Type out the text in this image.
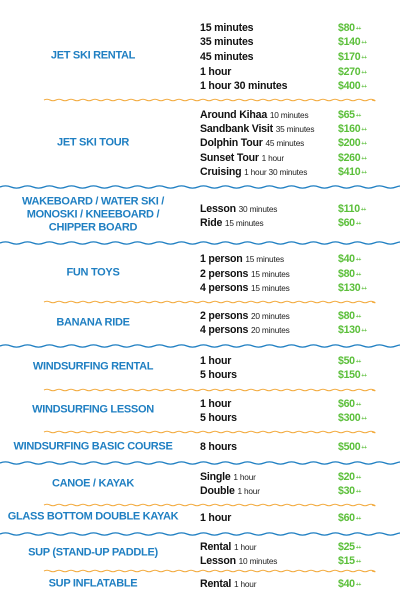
JET SKI RENTAL
15 minutes	$80++
35 minutes	$140++
45 minutes	$170++
1 hour	$270++
1 hour 30 minutes	$400++
JET SKI TOUR
Around Kihaa 10 minutes	$65++
Sandbank Visit 35 minutes $160++
Dolphin Tour 45 minutes	$200++
Sunset Tour 1 hour	$260++
Cruising 1 hour 30 minutes	$410++
WAKEBOARD / WATER SKI /
MONOSKI / KNEEBOARD /
CHIPPER BOARD
Lesson 30 minutes	$110++
Ride 15 minutes	$60++
FUN TOYS
1 person 15 minutes	$40++
2 persons 15 minutes	$80++
4 persons 15 minutes	$130++
BANANA RIDE
2 persons 20 minutes	$80++
4 persons 20 minutes	$130++
WINDSURFING RENTAL	1 hour	$50++
5 hours	$150++
WINDSURFING LESSON	1 hour	$60++
5 hours	$300++
WINDSURFING BASIC COURSE	8 hours	$500++
CANOE / KAYAK
Single 1 hour	$20++
Double 1 hour	$30++
GLASS BOTTOM DOUBLE KAYAK	1 hour	$60++
SUP (STAND-UP PADDLE)	Rental 1 hour	$25++
Lesson 10 minutes	$15++
SUP INFLATABLE	Rental 1 hour	$40++
